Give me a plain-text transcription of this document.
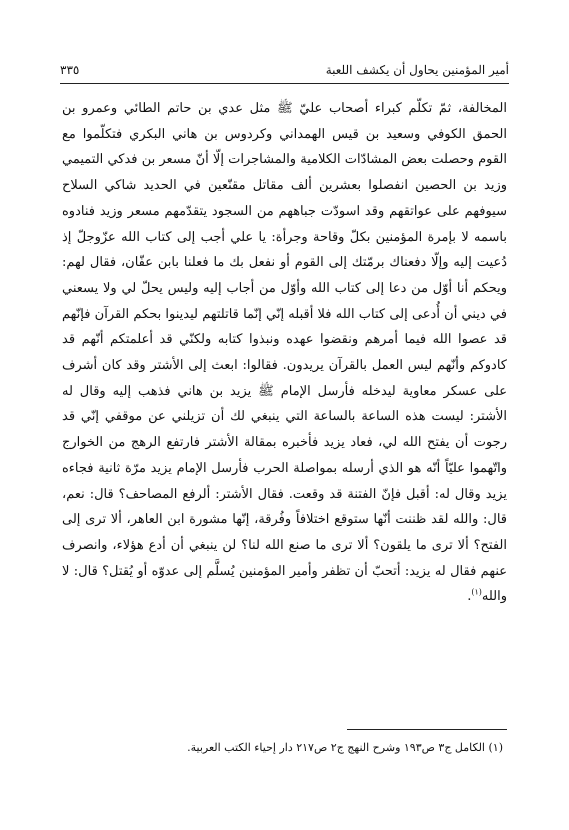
أمير المؤمنين يحاول أن يكشف اللعبة
٣٣٥

المخالفة، ثمّ تكلّم كبراء أصحاب عليّ ﷺ مثل عدي بن حاتم الطائي وعمرو بن الحمق الكوفي وسعيد بن قيس الهمداني وكردوس بن هاني البكري فتكلّموا مع القوم وحصلت بعض المشادّات الكلامية والمشاجرات إلّا أنّ مسعر بن فدكي التميمي وزيد بن الحصين انفصلوا بعشرين ألف مقاتل مقنّعين في الحديد شاكي السلاح سيوفهم على عواتقهم وقد اسودّت جباههم من السجود يتقدّمهم مسعر وزيد فنادوه باسمه لا بإمرة المؤمنين بكلّ وقاحة وجرأة: يا علي أجب إلى كتاب الله عزّوجلّ إذ دُعيت إليه وإلّا دفعناك برمّتك إلى القوم أو نفعل بك ما فعلنا بابن عفّان، فقال لهم: ويحكم أنا أوّل من دعا إلى كتاب الله وأوّل من أجاب إليه وليس يحلّ لي ولا يسعني في ديني أن أُدعى إلى كتاب الله فلا أقبله إنّي إنّما قاتلتهم ليدينوا بحكم القرآن فإنّهم قد عصوا الله فيما أمرهم ونقضوا عهده ونبذوا كتابه ولكنّي قد أعلمتكم أنّهم قد كادوكم وأنّهم ليس العمل بالقرآن يريدون. فقالوا: ابعث إلى الأشتر وقد كان أشرف على عسكر معاوية ليدخله فأرسل الإمام ﷺ يزيد بن هاني فذهب إليه وقال له الأشتر: ليست هذه الساعة بالساعة التي ينبغي لك أن تزيلني عن موقفي إنّي قد رجوت أن يفتح الله لي، فعاد يزيد فأخبره بمقالة الأشتر فارتفع الرهج من الخوارج واتّهموا عليّاً أنّه هو الذي أرسله بمواصلة الحرب فأرسل الإمام يزيد مرّة ثانية فجاءه يزيد وقال له: أقبل فإنّ الفتنة قد وقعت. فقال الأشتر: ألرفع المصاحف؟ قال: نعم، قال: والله لقد ظننت أنّها ستوقع اختلافاً وفُرقة، إنّها مشورة ابن العاهر، ألا ترى إلى الفتح؟ ألا ترى ما يلقون؟ ألا ترى ما صنع الله لنا؟ لن ينبغي أن أدع هؤلاء، وانصرف عنهم فقال له يزيد: أتحبّ أن تظفر وأمير المؤمنين يُسلَّم إلى عدوّه أو يُقتل؟ قال: لا والله$^{(١)}$.

(١) الكامل ج٣ ص١٩٣ وشرح النهج ج٢ ص٢١٧ دار إحياء الكتب العربية.
